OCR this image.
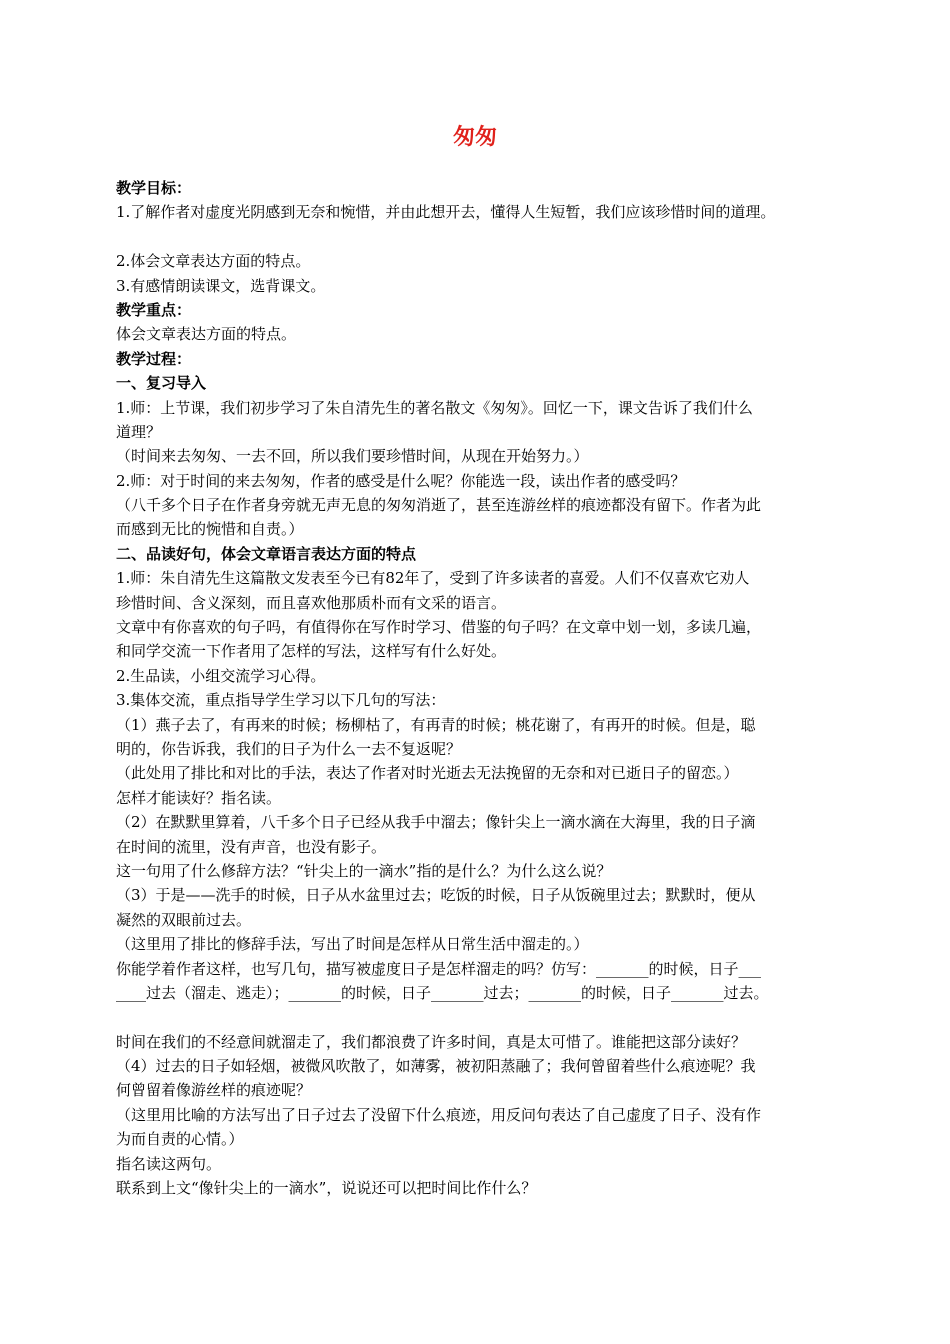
匆匆
教学目标：
1.了解作者对虚度光阴感到无奈和惋惜，并由此想开去，懂得人生短暂，我们应该珍惜时间的道理。
2.体会文章表达方面的特点。
3.有感情朗读课文，选背课文。
教学重点：
体会文章表达方面的特点。
教学过程：
一、复习导入
1.师：上节课，我们初步学习了朱自清先生的著名散文《匆匆》。回忆一下，课文告诉了我们什么
道理？
（时间来去匆匆、一去不回，所以我们要珍惜时间，从现在开始努力。）
2.师：对于时间的来去匆匆，作者的感受是什么呢？你能选一段，读出作者的感受吗？
（八千多个日子在作者身旁就无声无息的匆匆消逝了，甚至连游丝样的痕迹都没有留下。作者为此
而感到无比的惋惜和自责。）
二、品读好句，体会文章语言表达方面的特点
1.师：朱自清先生这篇散文发表至今已有82年了，受到了许多读者的喜爱。人们不仅喜欢它劝人
珍惜时间、含义深刻，而且喜欢他那质朴而有文采的语言。
文章中有你喜欢的句子吗，有值得你在写作时学习、借鉴的句子吗？在文章中划一划，多读几遍，
和同学交流一下作者用了怎样的写法，这样写有什么好处。
2.生品读，小组交流学习心得。
3.集体交流，重点指导学生学习以下几句的写法：
（1）燕子去了，有再来的时候；杨柳枯了，有再青的时候；桃花谢了，有再开的时候。但是，聪
明的，你告诉我，我们的日子为什么一去不复返呢？
（此处用了排比和对比的手法，表达了作者对时光逝去无法挽留的无奈和对已逝日子的留恋。）
怎样才能读好？指名读。
（2）在默默里算着，八千多个日子已经从我手中溜去；像针尖上一滴水滴在大海里，我的日子滴
在时间的流里，没有声音，也没有影子。
这一句用了什么修辞方法？“针尖上的一滴水”指的是什么？为什么这么说？
（3）于是——洗手的时候，日子从水盆里过去；吃饭的时候，日子从饭碗里过去；默默时，便从
凝然的双眼前过去。
（这里用了排比的修辞手法，写出了时间是怎样从日常生活中溜走的。）
你能学着作者这样，也写几句，描写被虚度日子是怎样溜走的吗？仿写：_______的时候，日子___
____过去（溜走、逃走）；_______的时候，日子_______过去；_______的时候，日子_______过去。
时间在我们的不经意间就溜走了，我们都浪费了许多时间，真是太可惜了。谁能把这部分读好？
（4）过去的日子如轻烟，被微风吹散了，如薄雾，被初阳蒸融了；我何曾留着些什么痕迹呢？我
何曾留着像游丝样的痕迹呢？
（这里用比喻的方法写出了日子过去了没留下什么痕迹，用反问句表达了自己虚度了日子、没有作
为而自责的心情。）
指名读这两句。
联系到上文“像针尖上的一滴水”，说说还可以把时间比作什么？
